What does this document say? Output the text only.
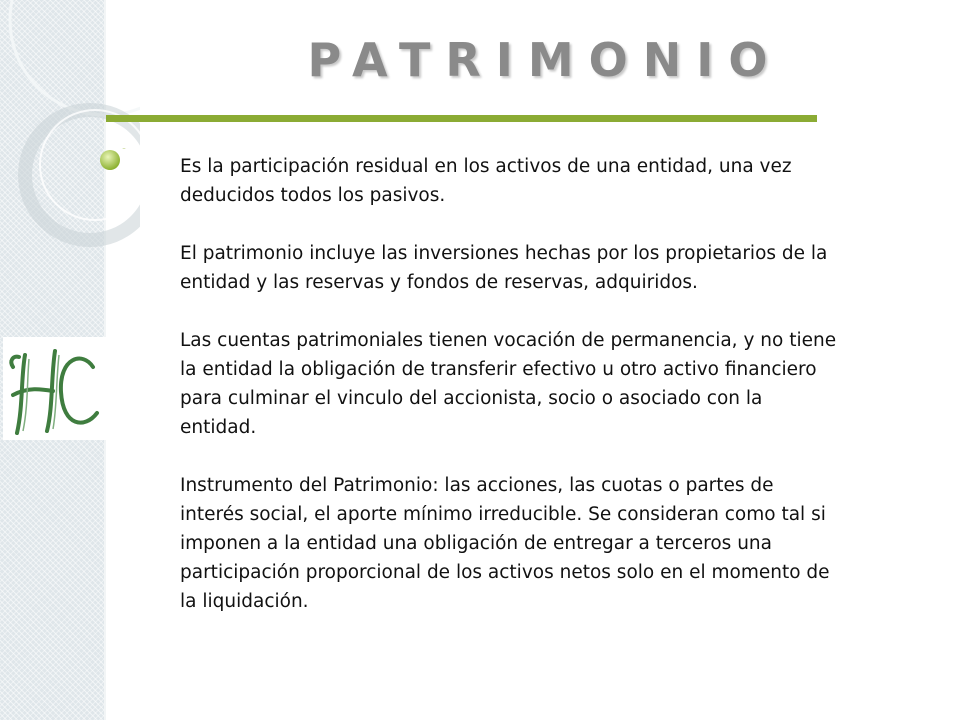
PATRIMONIO

Es la participación residual en los activos de una entidad, una vez deducidos todos los pasivos.

El patrimonio incluye las inversiones hechas por los propietarios de la entidad y las reservas y fondos de reservas, adquiridos.

Las cuentas patrimoniales tienen vocación de permanencia, y no tiene la entidad la obligación de transferir efectivo u otro activo financiero para culminar el vinculo del accionista, socio o asociado con la entidad.

Instrumento del Patrimonio: las acciones, las cuotas o partes de interés social, el aporte mínimo irreducible. Se consideran como tal si imponen a la entidad una obligación de entregar a terceros una participación proporcional de los activos netos solo en el momento de la liquidación.
